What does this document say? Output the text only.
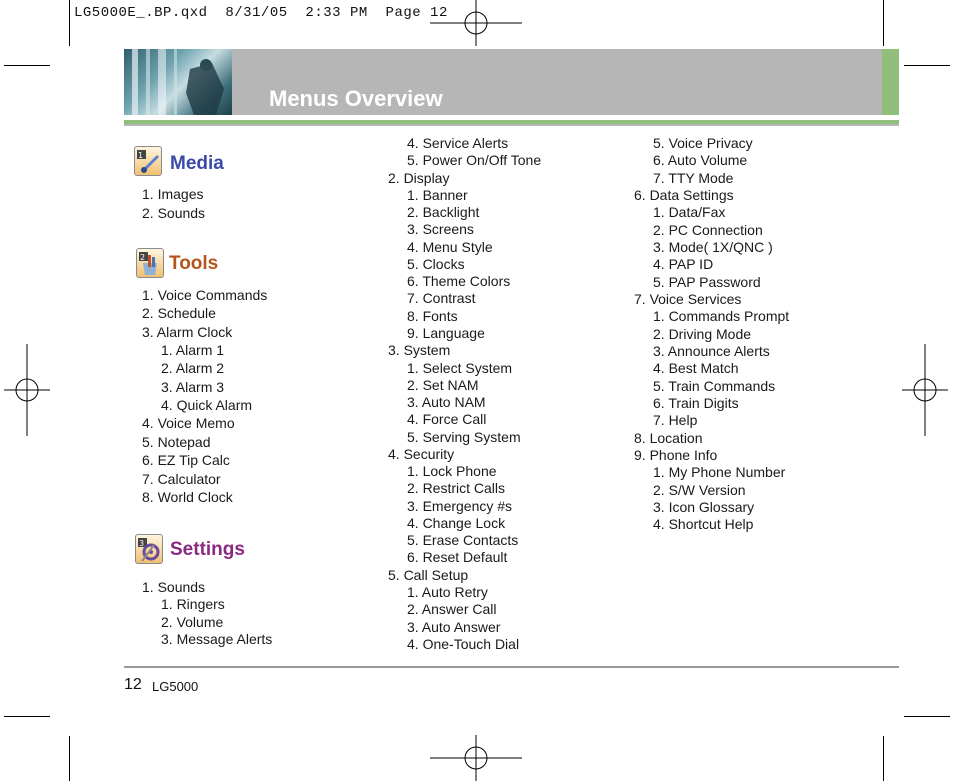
LG5000E_.BP.qxd  8/31/05  2:33 PM  Page 12
Menus Overview
1 Media
2 Tools
3 Settings
1. Images
2. Sounds
1. Voice Commands
2. Schedule
3. Alarm Clock
1. Alarm 1
2. Alarm 2
3. Alarm 3
4. Quick Alarm
4. Voice Memo
5. Notepad
6. EZ Tip Calc
7. Calculator
8. World Clock
1. Sounds
1. Ringers
2. Volume
3. Message Alerts
4. Service Alerts
5. Power On/Off Tone
2. Display
1. Banner
2. Backlight
3. Screens
4. Menu Style
5. Clocks
6. Theme Colors
7. Contrast
8. Fonts
9. Language
3. System
1. Select System
2. Set NAM
3. Auto NAM
4. Force Call
5. Serving System
4. Security
1. Lock Phone
2. Restrict Calls
3. Emergency #s
4. Change Lock
5. Erase Contacts
6. Reset Default
5. Call Setup
1. Auto Retry
2. Answer Call
3. Auto Answer
4. One-Touch Dial
5. Voice Privacy
6. Auto Volume
7. TTY Mode
6. Data Settings
1. Data/Fax
2. PC Connection
3. Mode( 1X/QNC )
4. PAP ID
5. PAP Password
7. Voice Services
1. Commands Prompt
2. Driving Mode
3. Announce Alerts
4. Best Match
5. Train Commands
6. Train Digits
7. Help
8. Location
9. Phone Info
1. My Phone Number
2. S/W Version
3. Icon Glossary
4. Shortcut Help
12 LG5000
